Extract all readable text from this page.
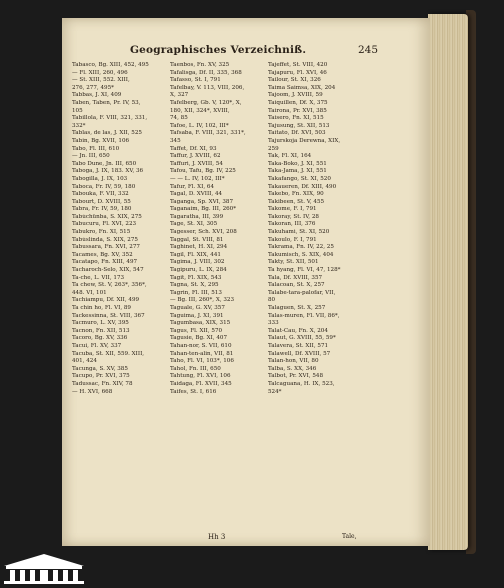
Geographisches Verzeichniß.	245
Tabasco, Bg. XIII, 452, 495
— Fl. XIII, 260, 496
— St. XIII, 552. XIII,
276, 277, 495*
Tabbas, J. XI, 409
Taben, Taben, Pr. IV, 53,
105
Tabillola, F. VIII, 321, 331,
332*
Tablas, de las, J. XII, 525
Tabin, Bg. XVII, 106
Tabo, Fl. III, 610
— Jn. III, 650
Tabo Dune, Jn. III, 650
Taboga, J. IX, 183. XV, 36
Tabogilla, J. IX, 103
Taboca, Fr. IV, 59, 180
Tabouka, F. VII, 332
Tabourt, D. XVIII, 55
Tabra, Fr. IV, 59, 180
Tabúchünba, S. XIX, 275
Tabucuru, Fl. XVI, 223
Tabukro, Fn. XI, 515
Tabúslinda, S. XIX, 275
Tabussara, Fn. XVI, 277
Tacames, Bg. XV, 352
Tacatapo, Fn. XIII, 497
Tacharoch-Selo, XIX, 547
Ta-che, L. VII, 173
Ta chew, St. V, 263*, 356*,
448. VI, 101
Tachiampu, Df. XII, 499
Ta chin ho, Fl. VI, 89
Tackessinna, St. VIII, 367
Tacmuro, L. XV, 395
Tacnon, Fn. XII, 513
Tacoro, Bg. XV, 336
Tacui, Fl. XV, 337
Tacuba, St. XII, 559. XIII,
401, 424
Tacunga, S. XV, 385
Tacupo, Pr. XVI, 375
Tadussac, Fn. XIV, 78
— H. XVI, 668
Taenbos, Fn. XV, 325
Tafalisga, Df. II, 335, 368
Tafasso, St. I, 791
Tafelbay, V. 113, VIII, 206,
X, 327
Tafelberg, Gb. V, 120*, X,
180, XII, 324*, XVIII,
74, 85
Tafoe, L. IV, 102, III*
Tafsaba, F. VIII, 321, 331*,
345
Taffet, Df. XI, 93
Taffur, J. XVIII, 62
Taffuri, J. XVIII, 54
Tafou, Tafu, Bg. IV, 225
— — L. IV, 102, III*
Tafur, Fl. XI, 64
Tagal, D. XVIII, 44
Taganga, Sp. XVI, 387
Taganaim, Bg. III, 260*
Tagaratha, III, 399
Tage, St. XI, 305
Tagesser, Sch. XVI, 208
Taggal, St. VIII, 81
Taghinet, H. XI, 294
Tagil, Fl. XIX, 441
Tagima, J. VIII, 302
Tagipuru, L. IX, 284
Tagit, Fl. XIX, 543
Tagna, St. X, 295
Tagrin, Fl. III, 513
— Bg. III, 260*, X, 323
Taguale, G. XV, 357
Taguima, J. XI, 391
Tagumbasa, XIX, 315
Tagus, Fl. XII, 570
Tagusie, Bg. XI, 407
Tahan-nor, S. VII, 610
Tahan-ten-alin, VII, 81
Taho, Fl. VI, 103*, 106
Tahol, Fn. III, 650
Tahtung, Fl. XVI, 106
Taidaga, Fl. XVII, 345
Taifes, St. I, 616
Tajeffet, St. VIII, 420
Tajapuru, Fl. XVI, 46
Tailour, St. XI, 326
Taima Saimsa, XIX, 204
Tajoom, J. XVIII, 59
Taiquillen, Df. X, 375
Tairona, Pr. XVI, 385
Taisero, Fn. XI, 515
Tajusung, St. XII, 513
Taitato, Df. XVI, 503
Tajurskoja Derewna, XIX,
259
Tak, Fl. XI, 164
Taka-Boko, J. XI, 551
Taka-Jama, J. XI, 551
Takafango, St. XI, 520
Takaueren, Df. XIII, 490
Takebo, Fn. XIX, 90
Takibeen, St. V, 455
Takome, F. I, 791
Takoray, St. IV, 28
Takoran, III, 376
Takuhami, St. XI, 520
Takoulo, F. I, 791
Takrama, Fn. IV, 22, 25
Takumisch, S. XIX, 404
Takty, St. XII, 501
Ta hyang, Fl. VI, 47, 128*
Tala, Df. XVIII, 357
Talacoan, St. X, 257
Talabe-tara-palofar, VII,
80
Talaguen, St. X, 257
Talas-muren, Fl. VII, 86*,
333
Talat-Cau, Fn. X, 204
Talaut, G. XVIII, 55, 59*
Talavera, St. XII, 571
Talawell, Df. XVIII, 57
Talan-hon, VII, 80
Talba, S. XX, 346
Talbot, Pr. XVI, 548
Talcaguana, H. IX, 523,
524*
Hh 3	Tale,
